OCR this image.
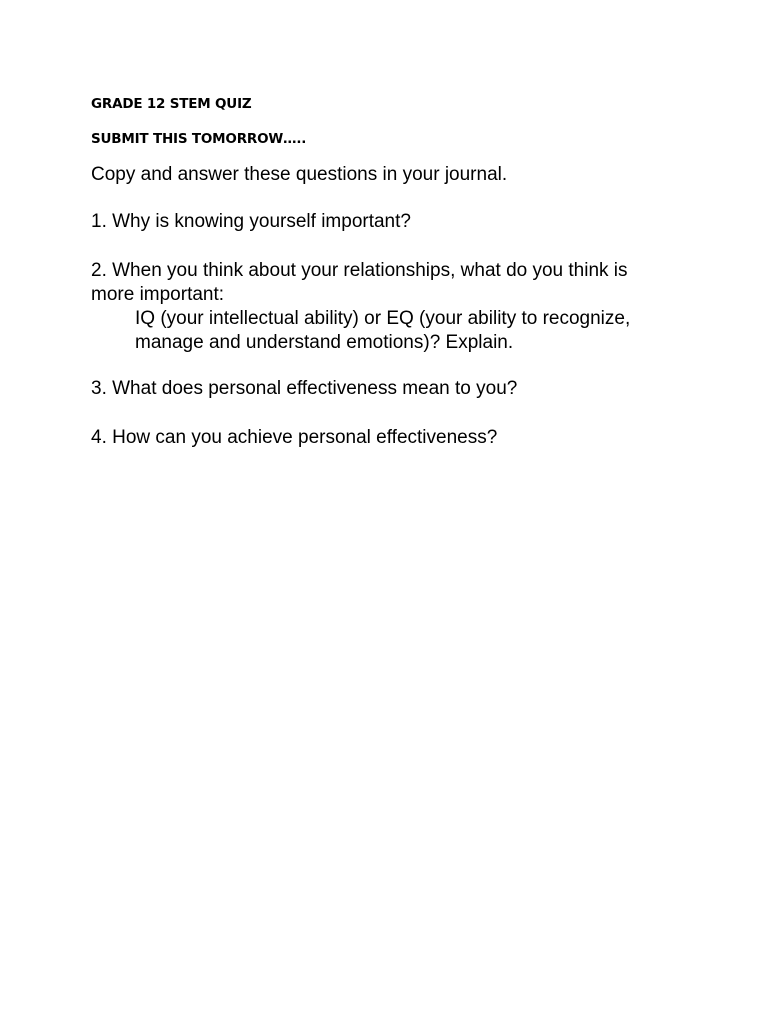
GRADE 12 STEM QUIZ
SUBMIT THIS TOMORROW…..
Copy and answer these questions in your journal.
1. Why is knowing yourself important?
2. When you think about your relationships, what do you think is
more important:
IQ (your intellectual ability) or EQ (your ability to recognize,
manage and understand emotions)? Explain.
3. What does personal effectiveness mean to you?
4. How can you achieve personal effectiveness?
